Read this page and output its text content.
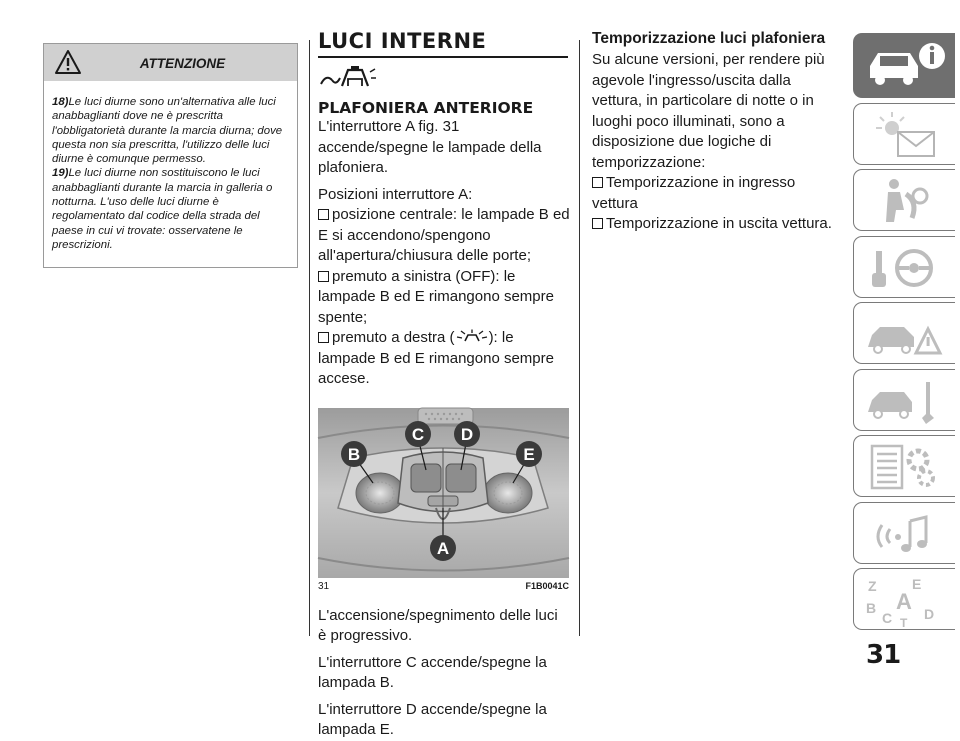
ATTENZIONE

18)Le luci diurne sono un'alternativa alle luci anabbaglianti dove ne è prescritta l'obbligatorietà durante la marcia diurna; dove questa non sia prescritta, l'utilizzo delle luci diurne è comunque permesso.

19)Le luci diurne non sostituiscono le luci anabbaglianti durante la marcia in galleria o notturna. L'uso delle luci diurne è regolamentato dal codice della strada del paese in cui vi trovate: osservatene le prescrizioni.

LUCI INTERNE
PLAFONIERA ANTERIORE
L'interruttore A fig. 31 accende/spegne le lampade della plafoniera.
Posizioni interruttore A:
posizione centrale: le lampade B ed E si accendono/spengono all'apertura/chiusura delle porte;
premuto a sinistra (OFF): le lampade B ed E rimangono sempre spente;
premuto a destra ( ): le lampade B ed E rimangono sempre accese.
B
C D
E
A
31	F1B0041C
L'accensione/spegnimento delle luci è progressivo.
L'interruttore C accende/spegne la lampada B.
L'interruttore D accende/spegne la lampada E.
Temporizzazione luci plafoniera
Su alcune versioni, per rendere più agevole l'ingresso/uscita dalla vettura, in particolare di notte o in luoghi poco illuminati, sono a disposizione due logiche di temporizzazione:
Temporizzazione in ingresso vettura
Temporizzazione in uscita vettura.
Z	E
A
B
C D
T
31
